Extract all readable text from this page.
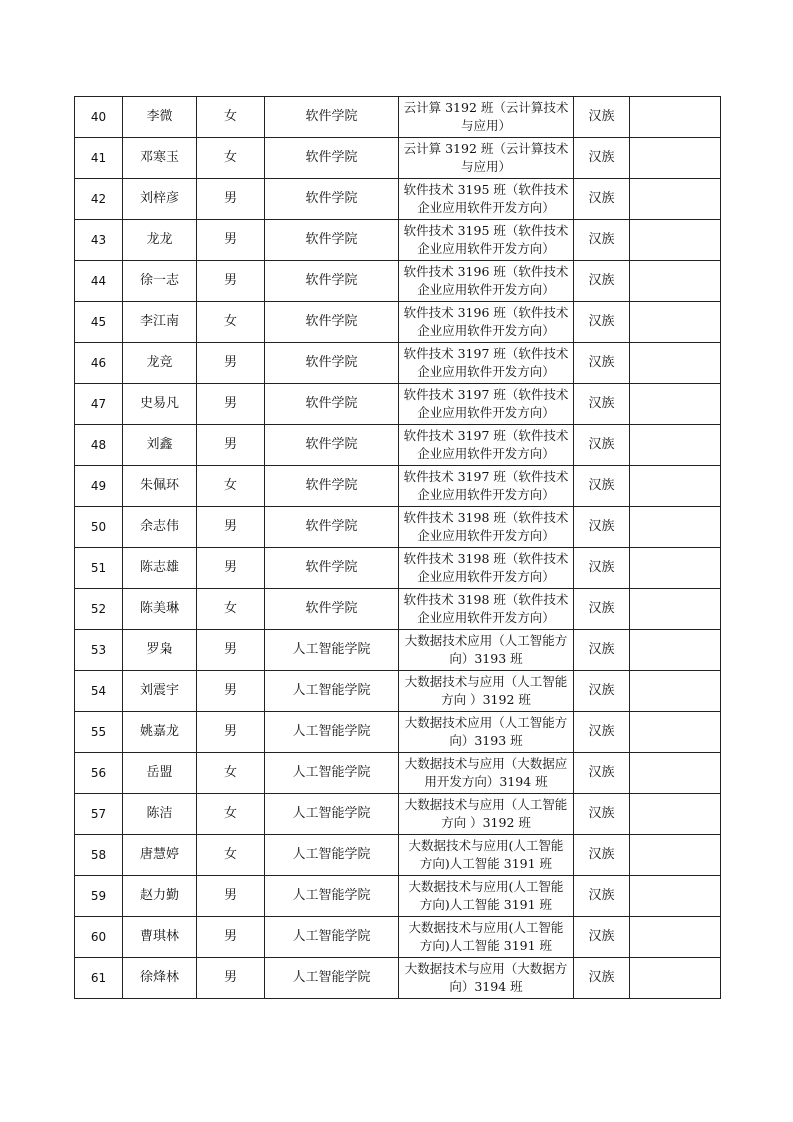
40	李微	女	软件学院	云计算 3192 班（云计算技术与应用）	汉族	
41	邓寒玉	女	软件学院	云计算 3192 班（云计算技术与应用）	汉族	
42	刘梓彦	男	软件学院	软件技术 3195 班（软件技术企业应用软件开发方向）	汉族	
43	龙龙	男	软件学院	软件技术 3195 班（软件技术企业应用软件开发方向）	汉族	
44	徐一志	男	软件学院	软件技术 3196 班（软件技术企业应用软件开发方向）	汉族	
45	李江南	女	软件学院	软件技术 3196 班（软件技术企业应用软件开发方向）	汉族	
46	龙竞	男	软件学院	软件技术 3197 班（软件技术企业应用软件开发方向）	汉族	
47	史易凡	男	软件学院	软件技术 3197 班（软件技术企业应用软件开发方向）	汉族	
48	刘鑫	男	软件学院	软件技术 3197 班（软件技术企业应用软件开发方向）	汉族	
49	朱佩环	女	软件学院	软件技术 3197 班（软件技术企业应用软件开发方向）	汉族	
50	余志伟	男	软件学院	软件技术 3198 班（软件技术企业应用软件开发方向）	汉族	
51	陈志雄	男	软件学院	软件技术 3198 班（软件技术企业应用软件开发方向）	汉族	
52	陈美琳	女	软件学院	软件技术 3198 班（软件技术企业应用软件开发方向）	汉族	
53	罗枭	男	人工智能学院	大数据技术应用（人工智能方向）3193 班	汉族	
54	刘震宇	男	人工智能学院	大数据技术与应用（人工智能方向 ）3192 班	汉族	
55	姚嘉龙	男	人工智能学院	大数据技术应用（人工智能方向）3193 班	汉族	
56	岳盟	女	人工智能学院	大数据技术与应用（大数据应用开发方向）3194 班	汉族	
57	陈洁	女	人工智能学院	大数据技术与应用（人工智能方向 ）3192 班	汉族	
58	唐慧婷	女	人工智能学院	大数据技术与应用(人工智能方向)人工智能 3191 班	汉族	
59	赵力勤	男	人工智能学院	大数据技术与应用(人工智能方向)人工智能 3191 班	汉族	
60	曹琪林	男	人工智能学院	大数据技术与应用(人工智能方向)人工智能 3191 班	汉族	
61	徐烽林	男	人工智能学院	大数据技术与应用（大数据方向）3194 班	汉族	
